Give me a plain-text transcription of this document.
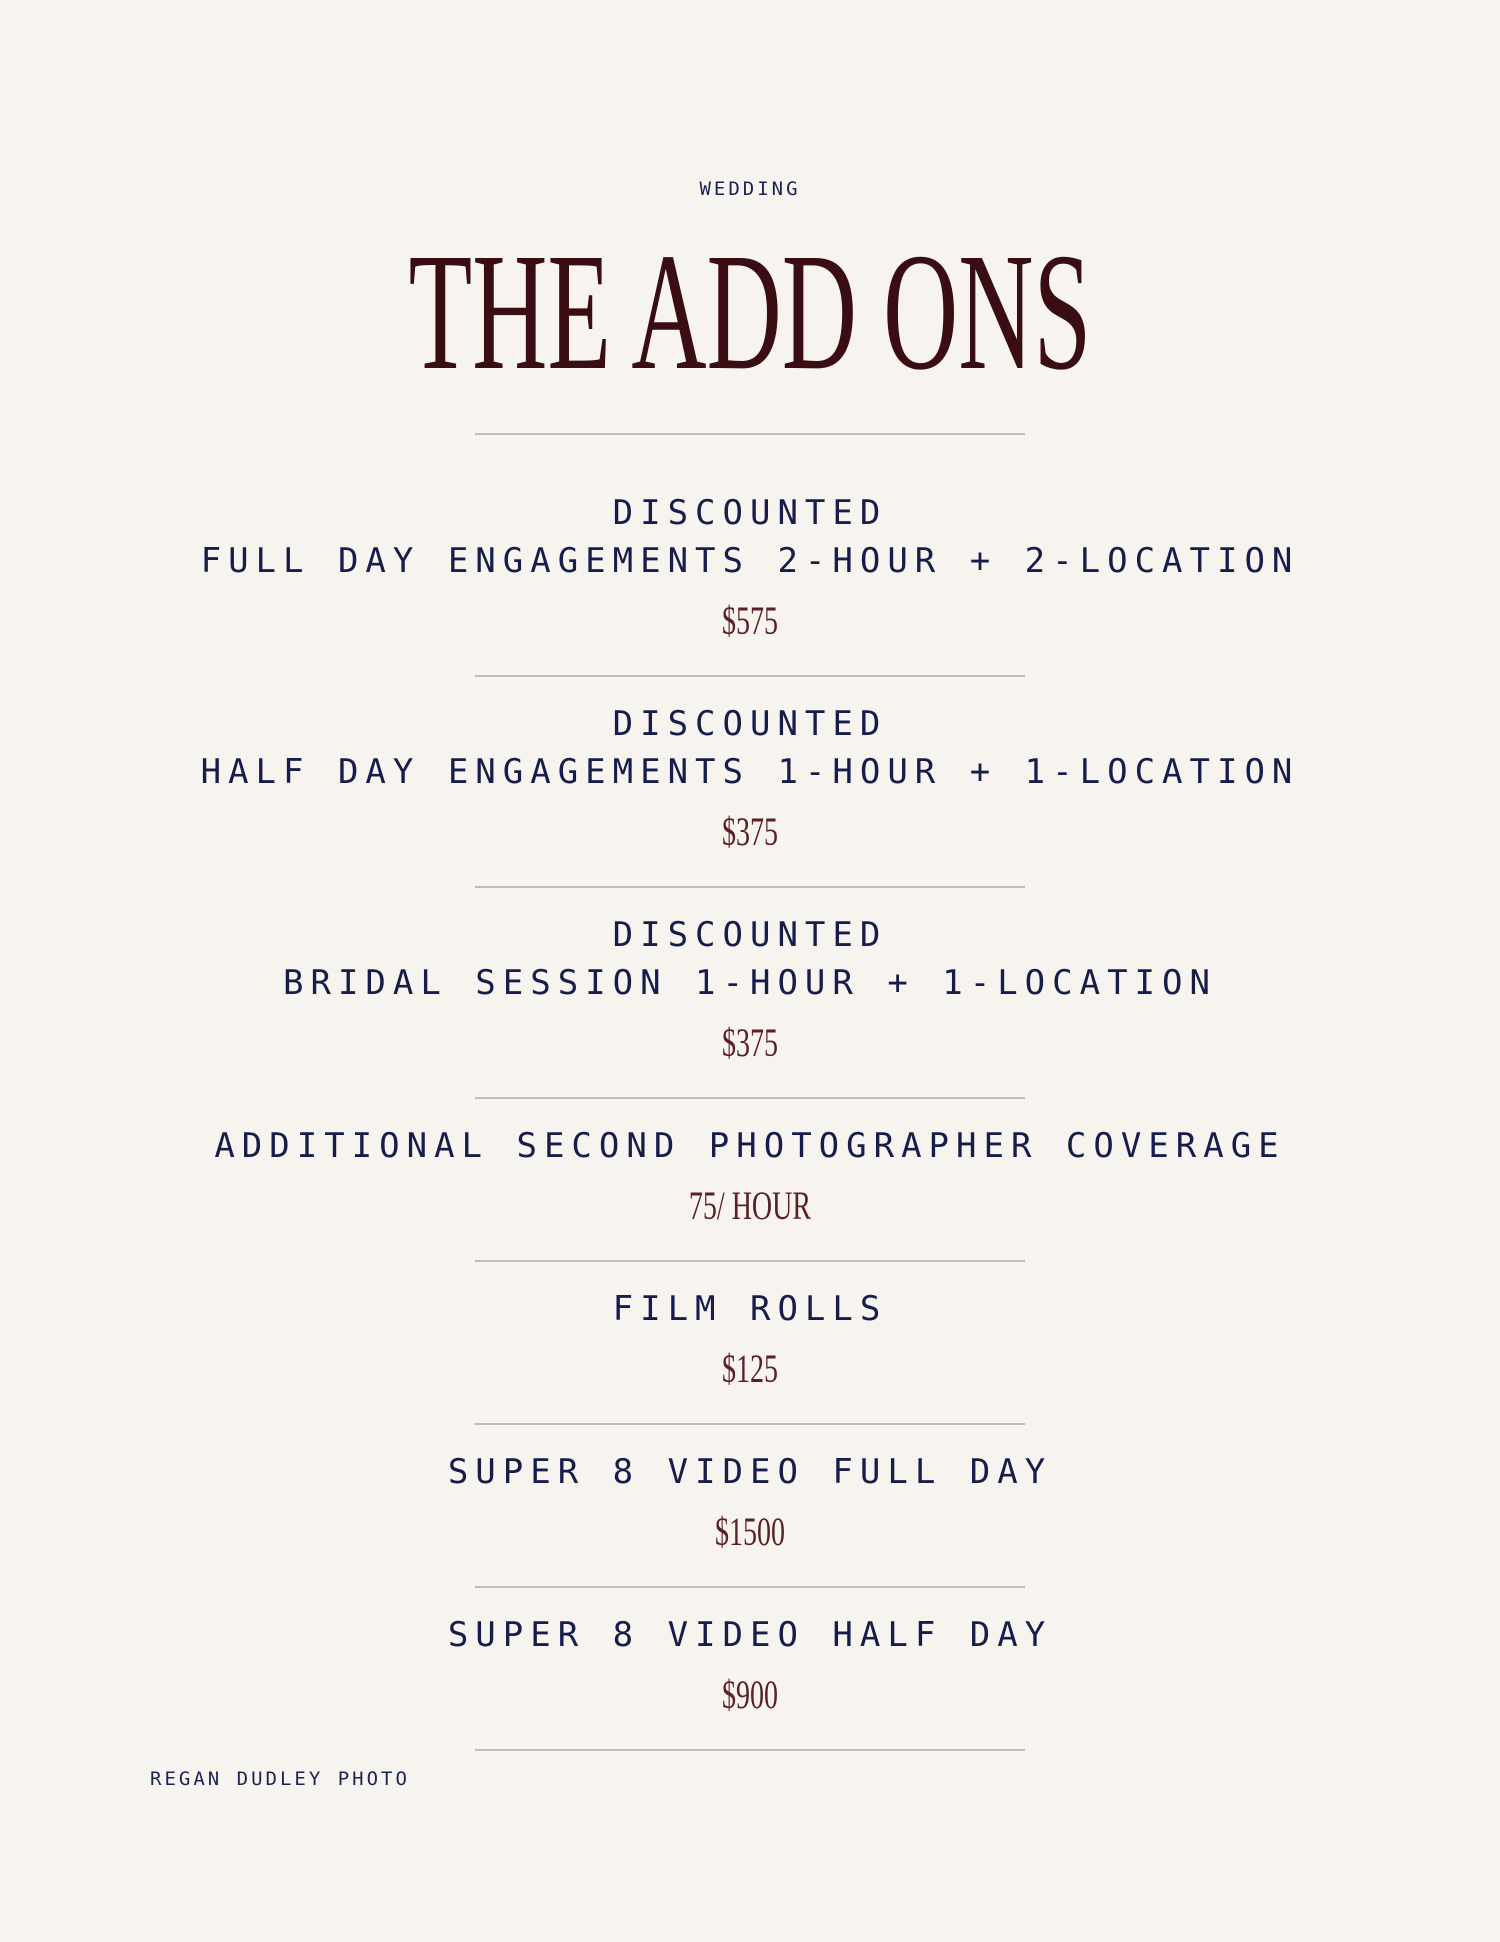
WEDDING
THE ADD ONS
DISCOUNTED
FULL DAY ENGAGEMENTS 2-HOUR + 2-LOCATION
$575
DISCOUNTED
HALF DAY ENGAGEMENTS 1-HOUR + 1-LOCATION
$375
DISCOUNTED
BRIDAL SESSION 1-HOUR + 1-LOCATION
$375
ADDITIONAL SECOND PHOTOGRAPHER COVERAGE
75/ HOUR
FILM ROLLS
$125
SUPER 8 VIDEO FULL DAY
$1500
SUPER 8 VIDEO HALF DAY
$900
REGAN DUDLEY PHOTO
